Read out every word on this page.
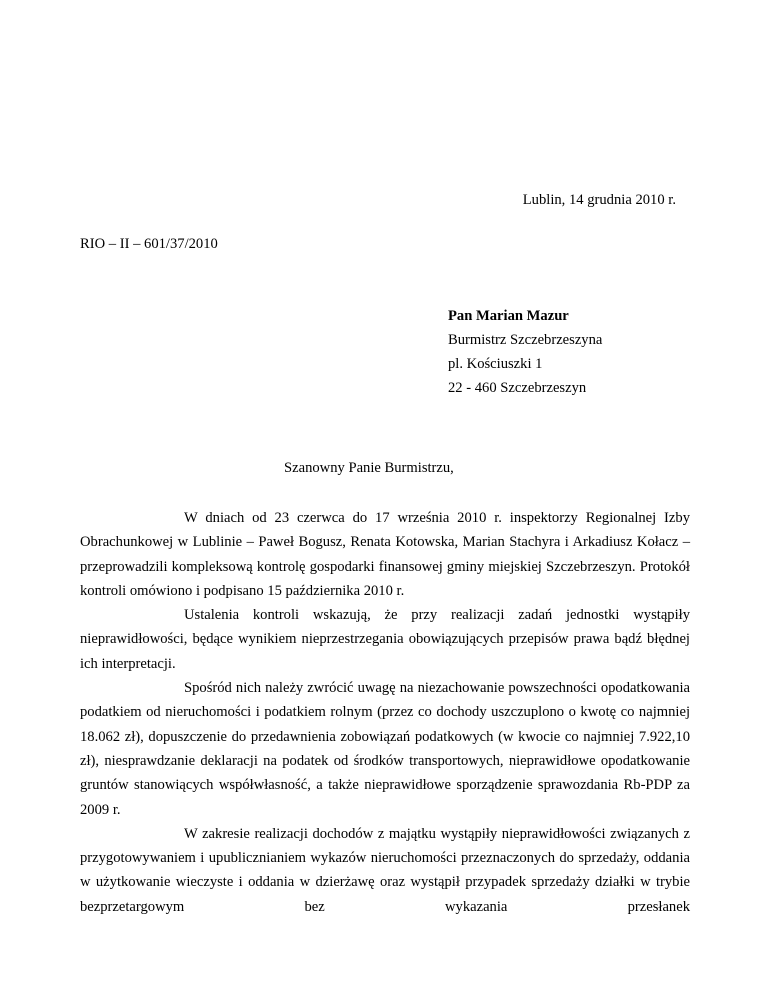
Lublin, 14 grudnia 2010 r.
RIO – II – 601/37/2010
Pan Marian Mazur
Burmistrz Szczebrzeszyna
pl. Kościuszki 1
22 - 460 Szczebrzeszyn
Szanowny Panie Burmistrzu,

W dniach od 23 czerwca do 17 września 2010 r. inspektorzy Regionalnej Izby Obrachunkowej w Lublinie – Paweł Bogusz, Renata Kotowska, Marian Stachyra i Arkadiusz Kołacz – przeprowadzili kompleksową kontrolę gospodarki finansowej gminy miejskiej Szczebrzeszyn. Protokół kontroli omówiono i podpisano 15 października 2010 r.

Ustalenia kontroli wskazują, że przy realizacji zadań jednostki wystąpiły nieprawidłowości, będące wynikiem nieprzestrzegania obowiązujących przepisów prawa bądź błędnej ich interpretacji.

Spośród nich należy zwrócić uwagę na niezachowanie powszechności opodatkowania podatkiem od nieruchomości i podatkiem rolnym (przez co dochody uszczuplono o kwotę co najmniej 18.062 zł), dopuszczenie do przedawnienia zobowiązań podatkowych (w kwocie co najmniej 7.922,10 zł), niesprawdzanie deklaracji na podatek od środków transportowych, nieprawidłowe opodatkowanie gruntów stanowiących współwłasność, a także nieprawidłowe sporządzenie sprawozdania Rb-PDP za 2009 r.

W zakresie realizacji dochodów z majątku wystąpiły nieprawidłowości związanych z przygotowywaniem i upublicznianiem wykazów nieruchomości przeznaczonych do sprzedaży, oddania w użytkowanie wieczyste i oddania w dzierżawę oraz wystąpił przypadek sprzedaży działki w trybie bezprzetargowym bez wykazania przesłanek
